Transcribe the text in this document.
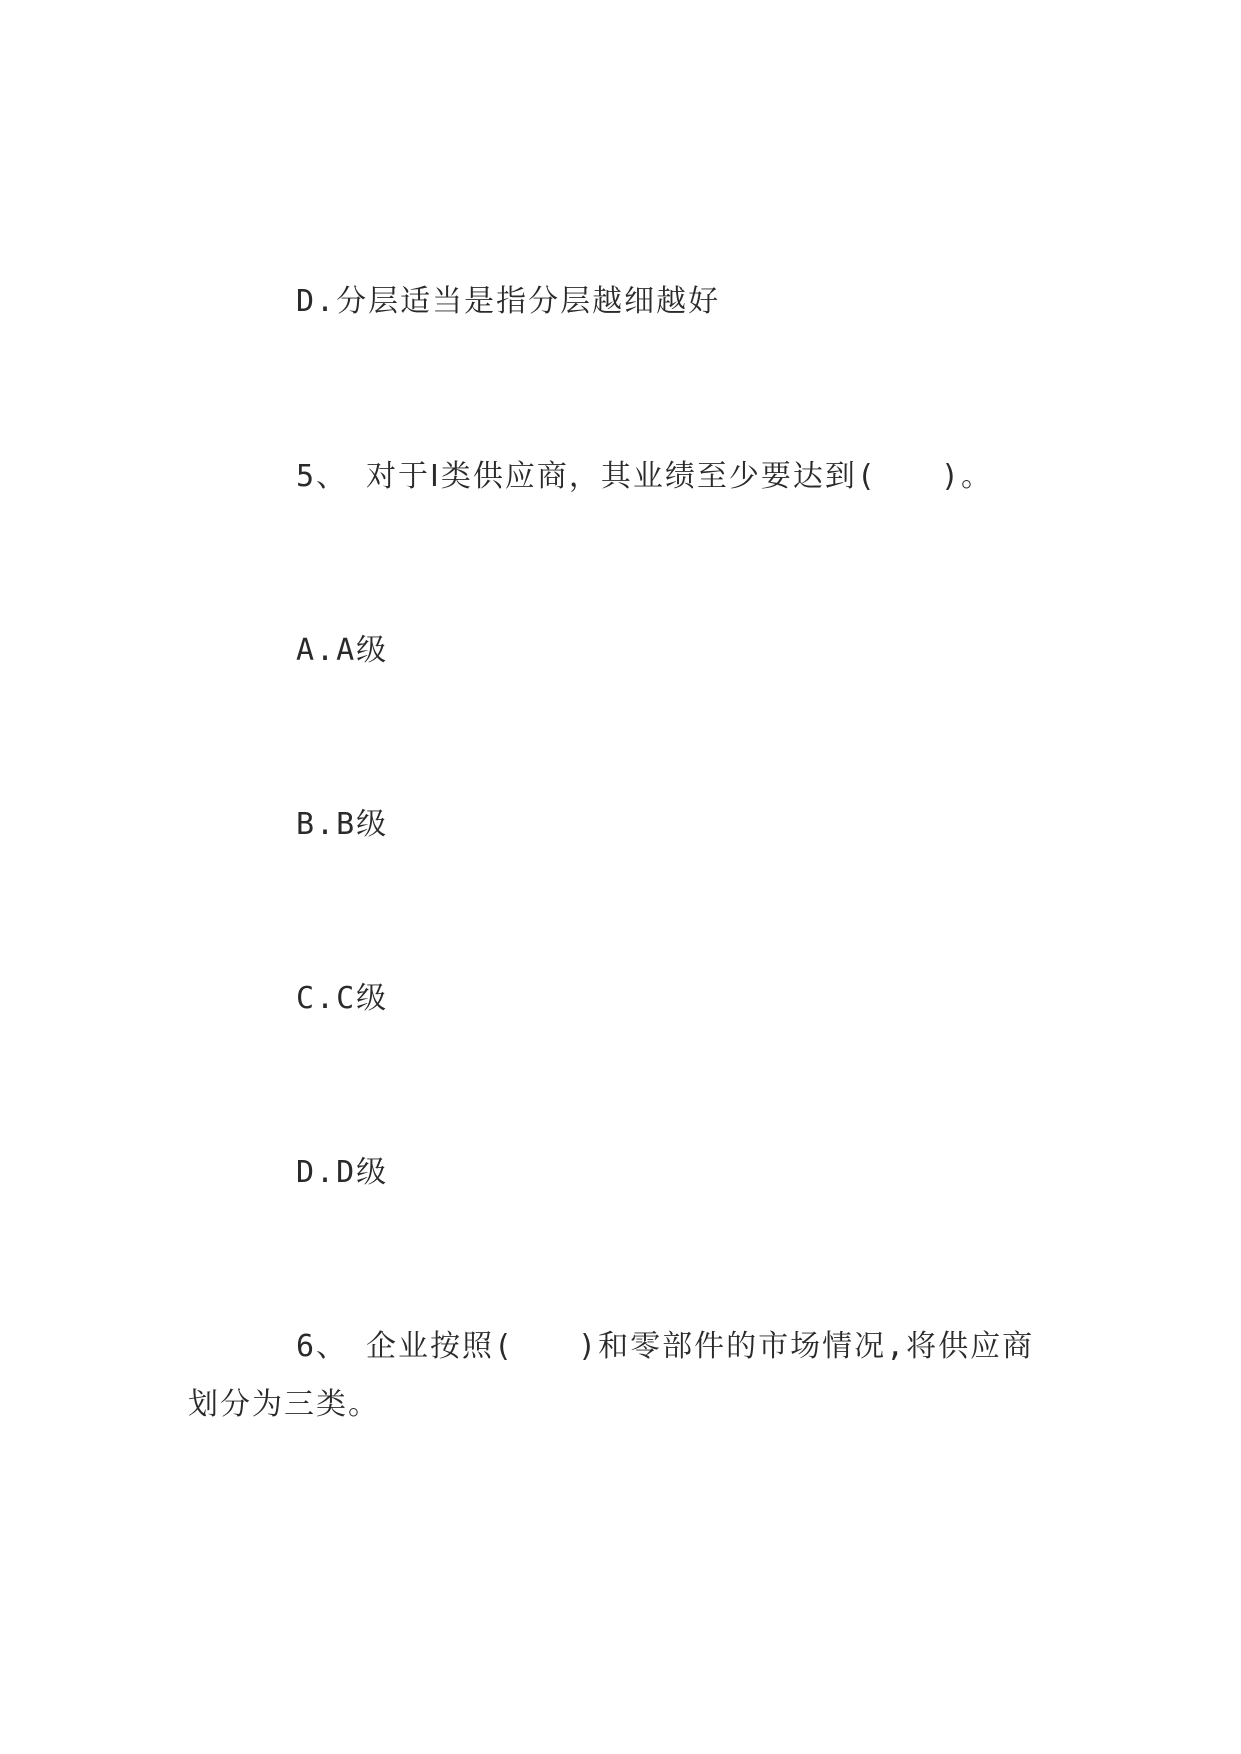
D.分层适当是指分层越细越好
5、 对于Ⅰ类供应商，其业绩至少要达到(　　)。
A.A级
B.B级
C.C级
D.D级
6、 企业按照(　　)和零部件的市场情况,将供应商
划分为三类。
